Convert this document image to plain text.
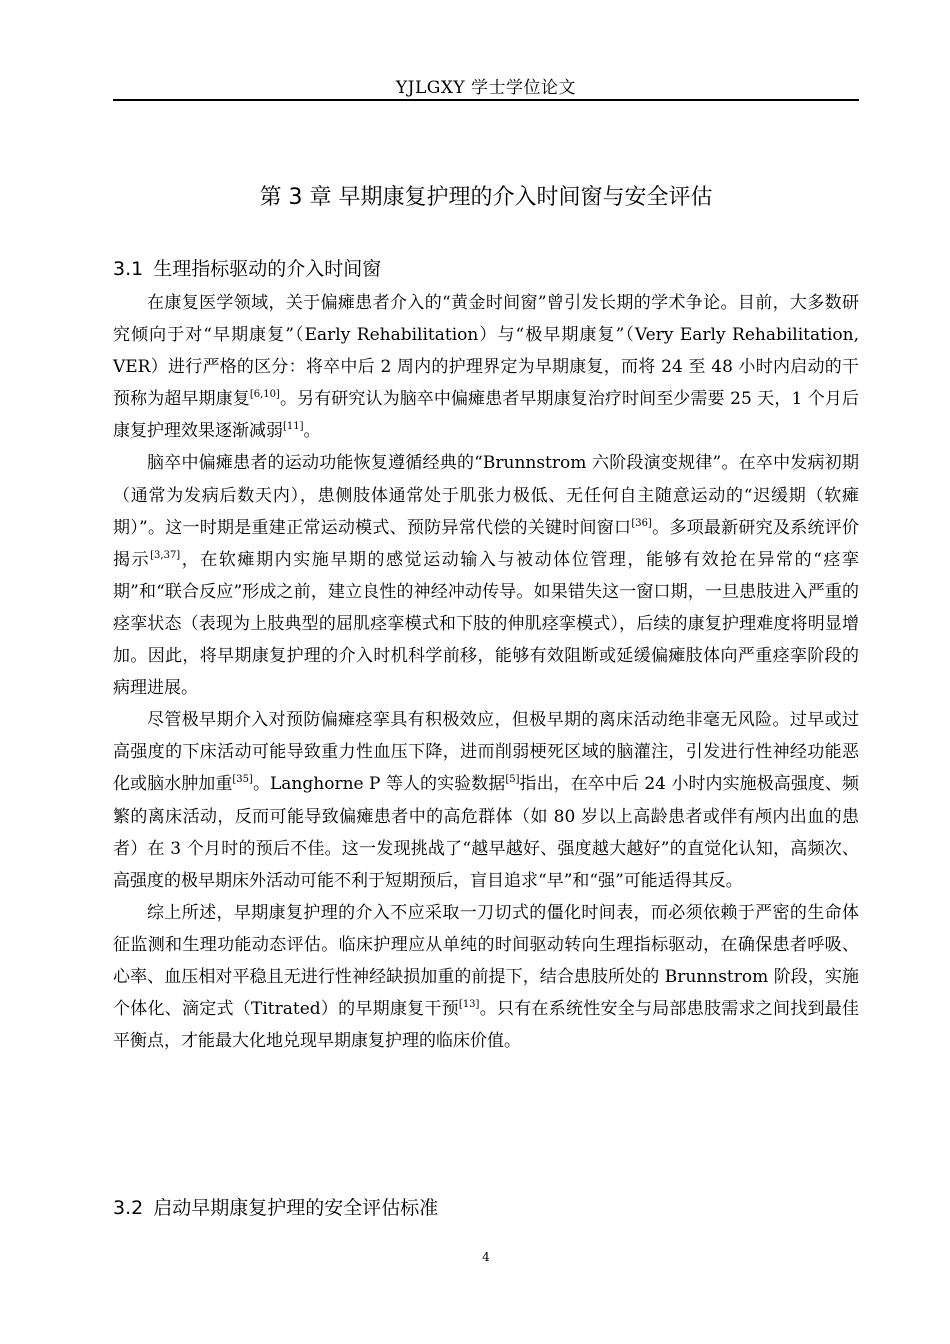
YJLGXY 学士学位论文
第 3 章 早期康复护理的介入时间窗与安全评估
3.1 生理指标驱动的介入时间窗

在康复医学领域，关于偏瘫患者介入的“黄金时间窗”曾引发长期的学术争论。目前，大多数研究倾向于对“早期康复”（Early Rehabilitation）与“极早期康复”（Very Early Rehabilitation, VER）进行严格的区分：将卒中后 2 周内的护理界定为早期康复，而将 24 至 48 小时内启动的干预称为超早期康复[6,10]。另有研究认为脑卒中偏瘫患者早期康复治疗时间至少需要 25 天，1 个月后康复护理效果逐渐减弱[11]。

脑卒中偏瘫患者的运动功能恢复遵循经典的“Brunnstrom 六阶段演变规律”。在卒中发病初期（通常为发病后数天内），患侧肢体通常处于肌张力极低、无任何自主随意运动的“迟缓期（软瘫期）”。这一时期是重建正常运动模式、预防异常代偿的关键时间窗口[36]。多项最新研究及系统评价揭示[3,37]，在软瘫期内实施早期的感觉运动输入与被动体位管理，能够有效抢在异常的“痉挛期”和“联合反应”形成之前，建立良性的神经冲动传导。如果错失这一窗口期，一旦患肢进入严重的痉挛状态（表现为上肢典型的屈肌痉挛模式和下肢的伸肌痉挛模式），后续的康复护理难度将明显增加。因此，将早期康复护理的介入时机科学前移，能够有效阻断或延缓偏瘫肢体向严重痉挛阶段的病理进展。

尽管极早期介入对预防偏瘫痉挛具有积极效应，但极早期的离床活动绝非毫无风险。过早或过高强度的下床活动可能导致重力性血压下降，进而削弱梗死区域的脑灌注，引发进行性神经功能恶化或脑水肿加重[35]。Langhorne P 等人的实验数据[5]指出，在卒中后 24 小时内实施极高强度、频繁的离床活动，反而可能导致偏瘫患者中的高危群体（如 80 岁以上高龄患者或伴有颅内出血的患者）在 3 个月时的预后不佳。这一发现挑战了“越早越好、强度越大越好”的直觉化认知，高频次、高强度的极早期床外活动可能不利于短期预后，盲目追求“早”和“强”可能适得其反。

综上所述，早期康复护理的介入不应采取一刀切式的僵化时间表，而必须依赖于严密的生命体征监测和生理功能动态评估。临床护理应从单纯的时间驱动转向生理指标驱动，在确保患者呼吸、心率、血压相对平稳且无进行性神经缺损加重的前提下，结合患肢所处的 Brunnstrom 阶段，实施个体化、滴定式（Titrated）的早期康复干预[13]。只有在系统性安全与局部患肢需求之间找到最佳平衡点，才能最大化地兑现早期康复护理的临床价值。

3.2 启动早期康复护理的安全评估标准
4
